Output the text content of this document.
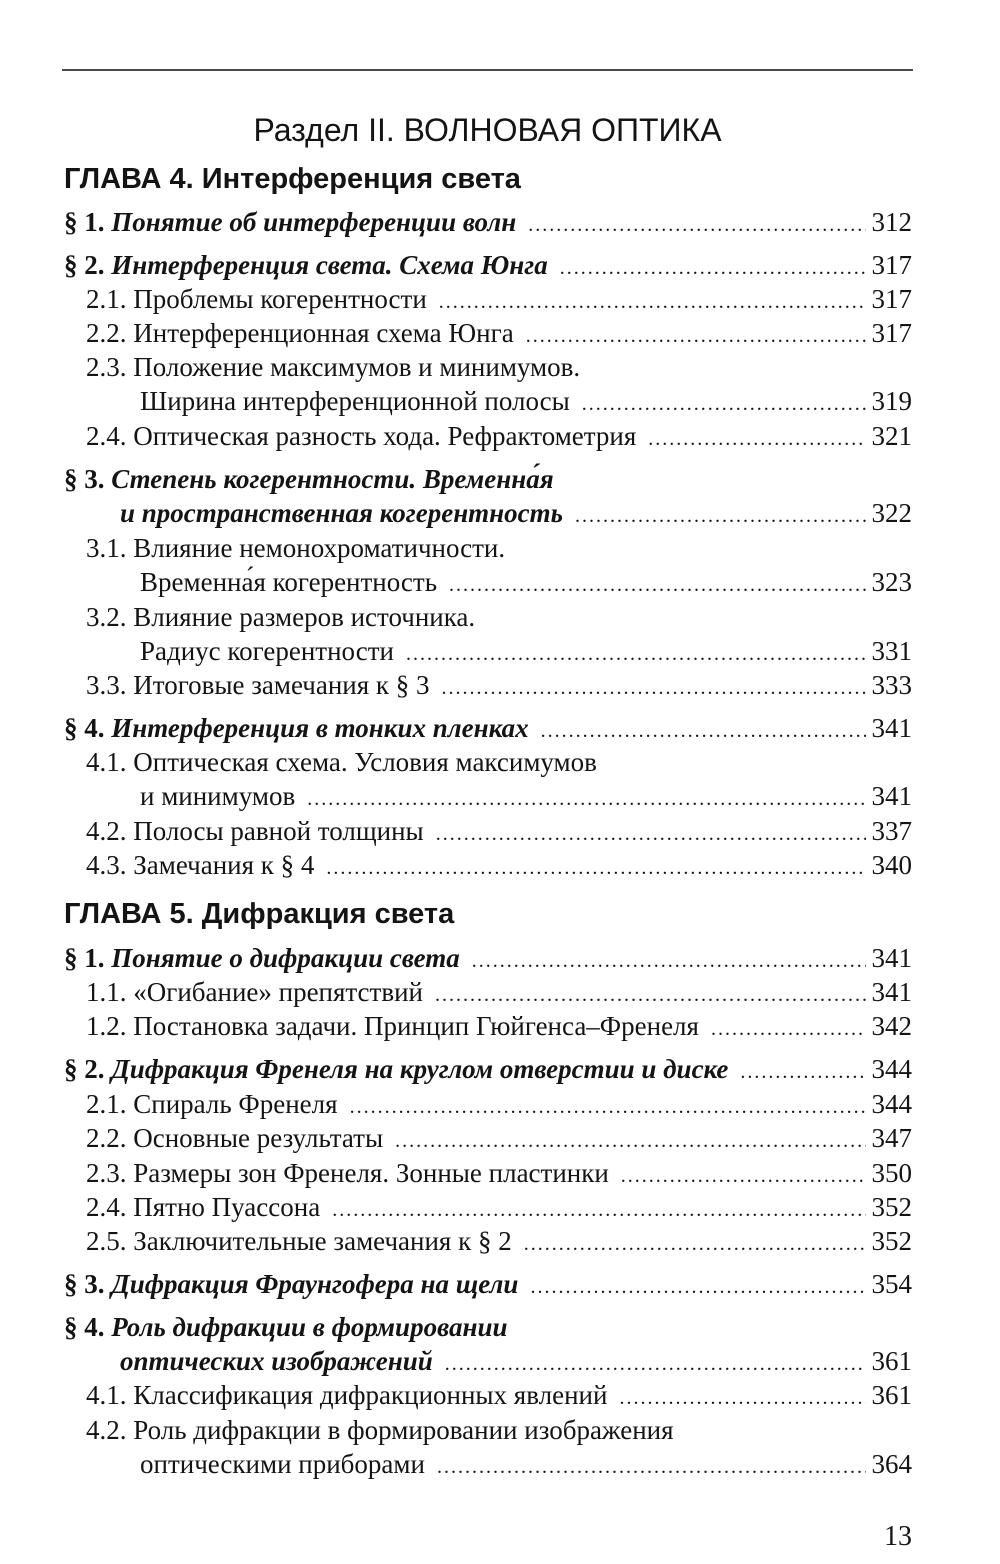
Раздел II. ВОЛНОВАЯ ОПТИКА
ГЛАВА 4. Интерференция света
§ 1. Понятие об интерференции волн .....	312
§ 2. Интерференция света. Схема Юнга .....	317
2.1. Проблемы когерентности .....	317
2.2. Интерференционная схема Юнга .....	317
2.3. Положение максимумов и минимумов.
Ширина интерференционной полосы .....	319
2.4. Оптическая разность хода. Рефрактометрия .....	321
§ 3. Степень когерентности. Временна́я
и пространственная когерентность .....	322
3.1. Влияние немонохроматичности.
Временна́я когерентность .....	323
3.2. Влияние размеров источника.
Радиус когерентности .....	331
3.3. Итоговые замечания к § 3 .....	333
§ 4. Интерференция в тонких пленках .....	341
4.1. Оптическая схема. Условия максимумов
и минимумов .....	341
4.2. Полосы равной толщины .....	337
4.3. Замечания к § 4 .....	340
ГЛАВА 5. Дифракция света
§ 1. Понятие о дифракции света .....	341
1.1. «Огибание» препятствий .....	341
1.2. Постановка задачи. Принцип Гюйгенса–Френеля .....	342
§ 2. Дифракция Френеля на круглом отверстии и диске .....	344
2.1. Спираль Френеля .....	344
2.2. Основные результаты .....	347
2.3. Размеры зон Френеля. Зонные пластинки .....	350
2.4. Пятно Пуассона .....	352
2.5. Заключительные замечания к § 2 .....	352
§ 3. Дифракция Фраунгофера на щели .....	354
§ 4. Роль дифракции в формировании
оптических изображений .....	361
4.1. Классификация дифракционных явлений .....	361
4.2. Роль дифракции в формировании изображения
оптическими приборами .....	364
13
